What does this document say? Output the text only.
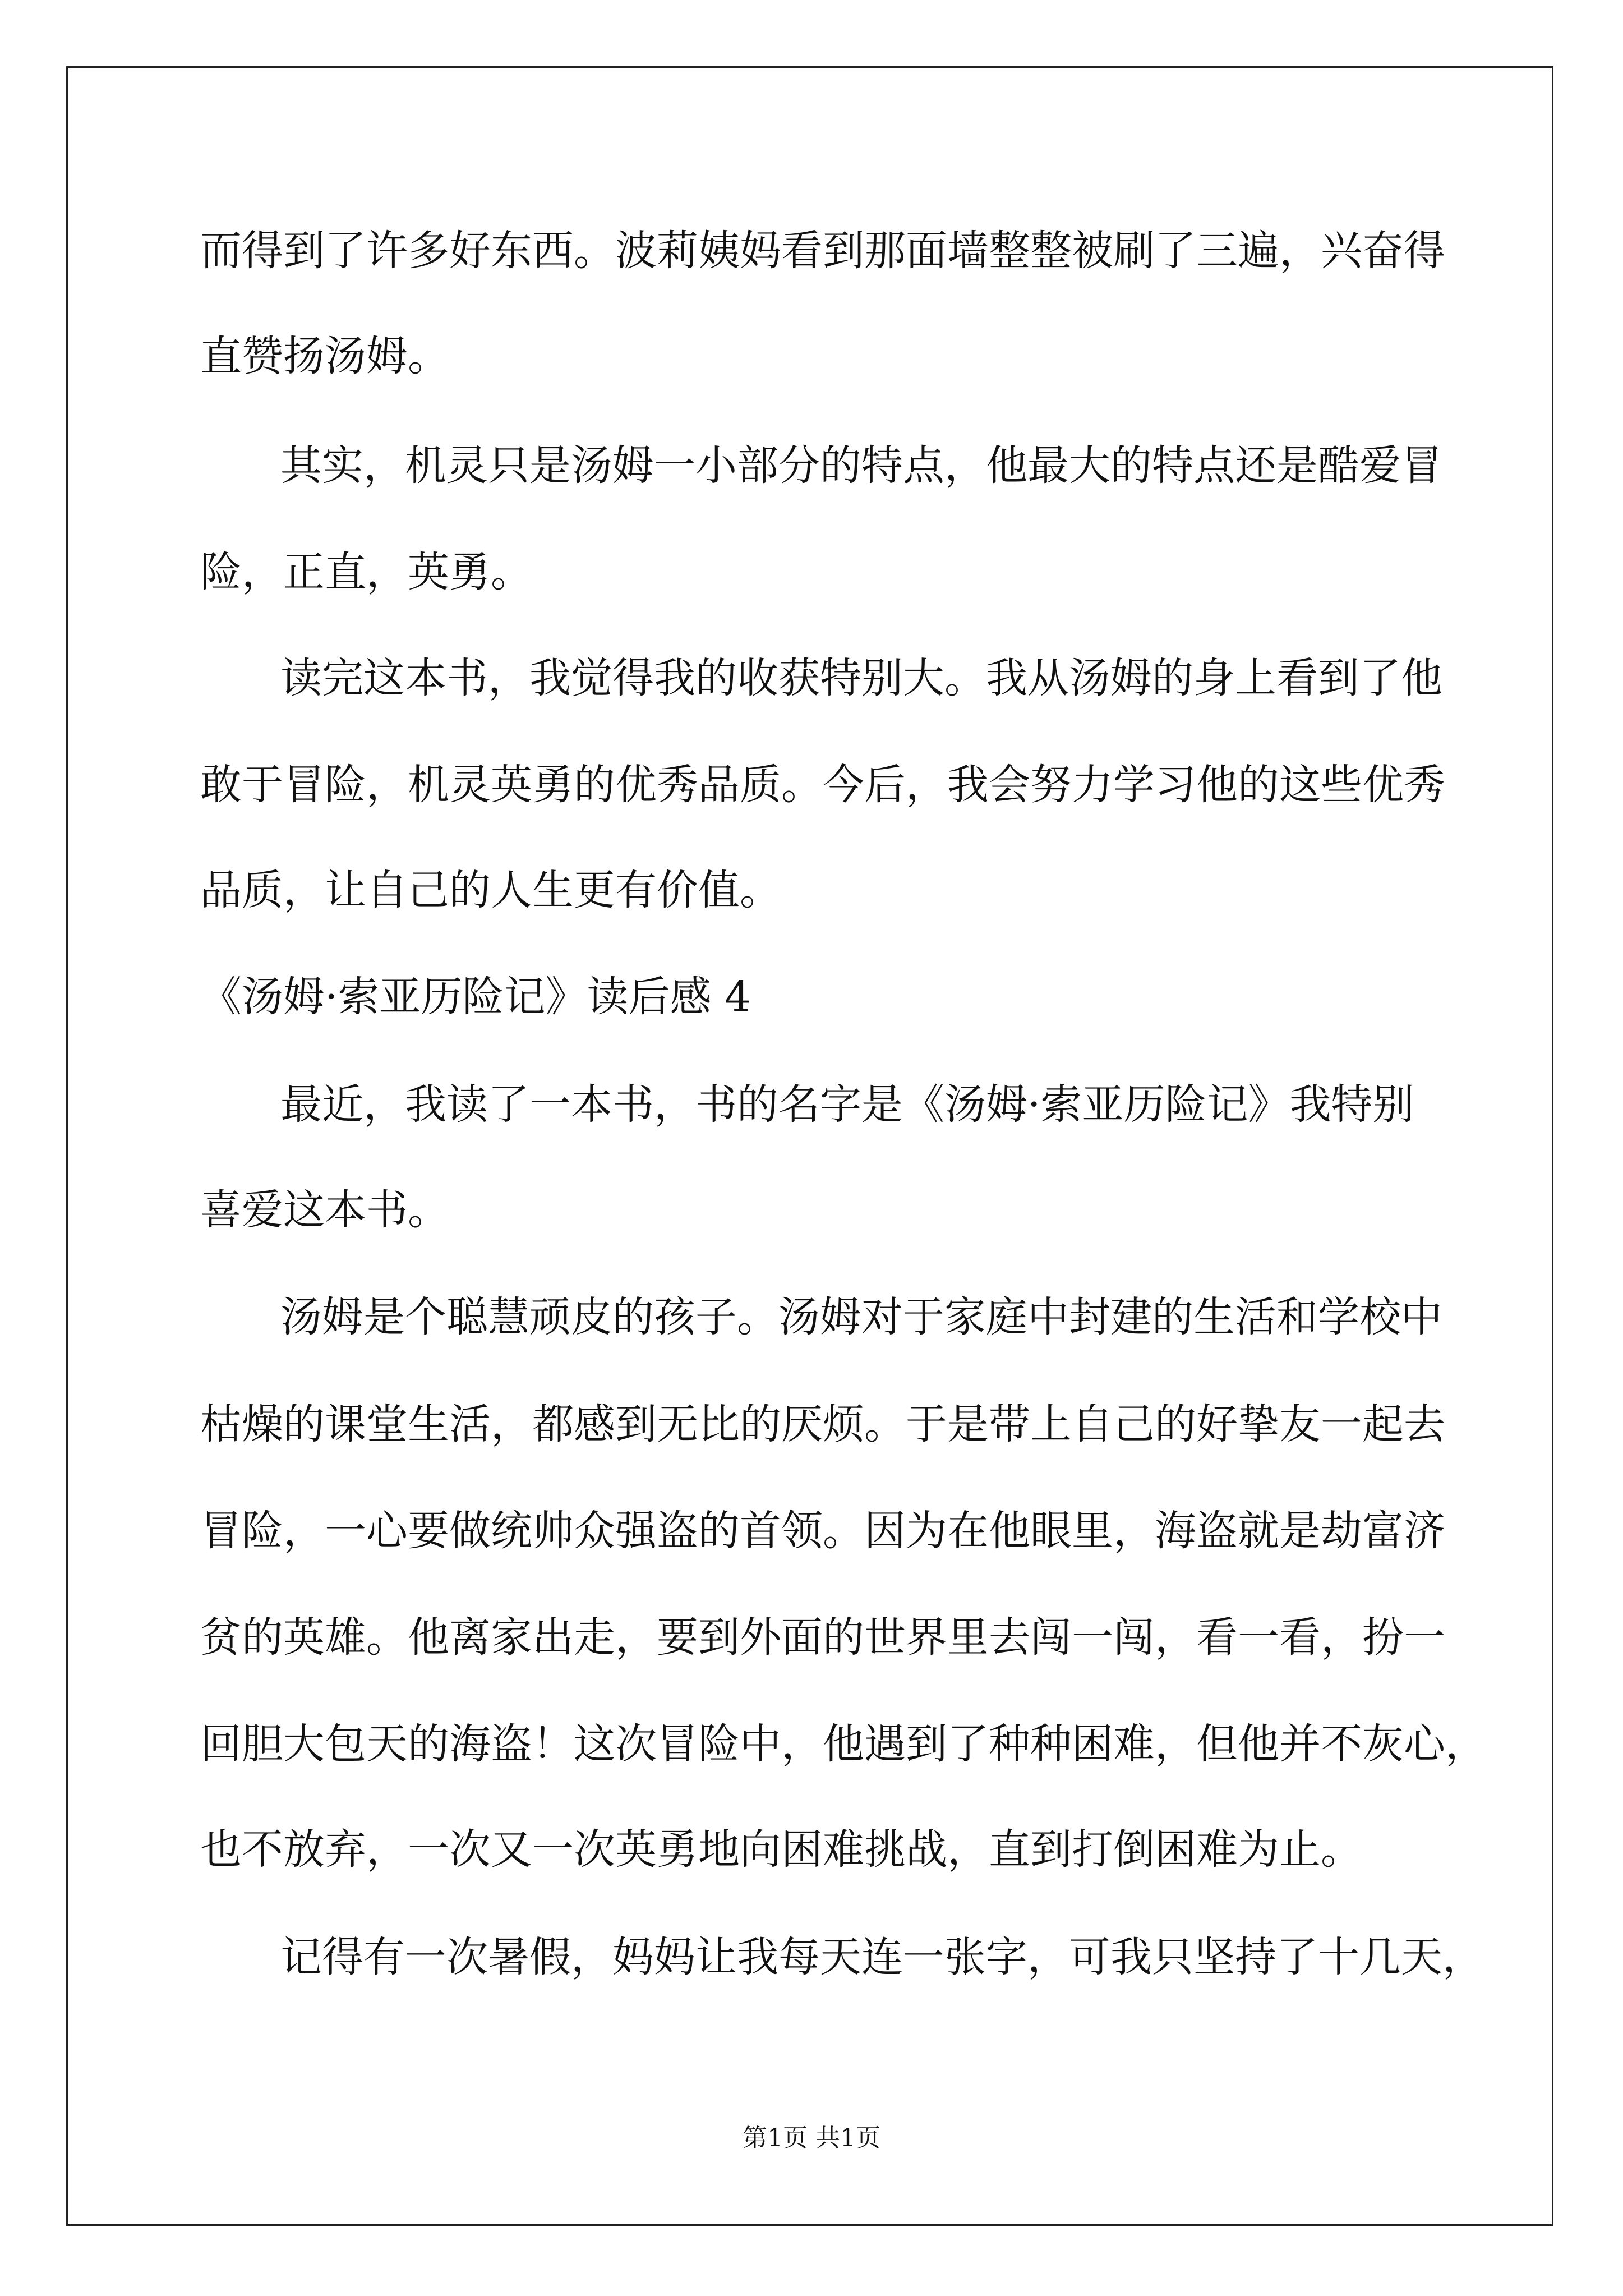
而得到了许多好东西。波莉姨妈看到那面墙整整被刷了三遍，兴奋得
直赞扬汤姆。
其实，机灵只是汤姆一小部分的特点，他最大的特点还是酷爱冒
险，正直，英勇。
读完这本书，我觉得我的收获特别大。我从汤姆的身上看到了他
敢于冒险，机灵英勇的优秀品质。今后，我会努力学习他的这些优秀
品质，让自己的人生更有价值。
《汤姆·索亚历险记》读后感 4
最近，我读了一本书，书的名字是《汤姆·索亚历险记》我特别
喜爱这本书。
汤姆是个聪慧顽皮的孩子。汤姆对于家庭中封建的生活和学校中
枯燥的课堂生活，都感到无比的厌烦。于是带上自己的好挚友一起去
冒险，一心要做统帅众强盗的首领。因为在他眼里，海盗就是劫富济
贫的英雄。他离家出走，要到外面的世界里去闯一闯，看一看，扮一
回胆大包天的海盗！这次冒险中，他遇到了种种困难，但他并不灰心，
也不放弃，一次又一次英勇地向困难挑战，直到打倒困难为止。
记得有一次暑假，妈妈让我每天连一张字，可我只坚持了十几天，
第1页 共1页
